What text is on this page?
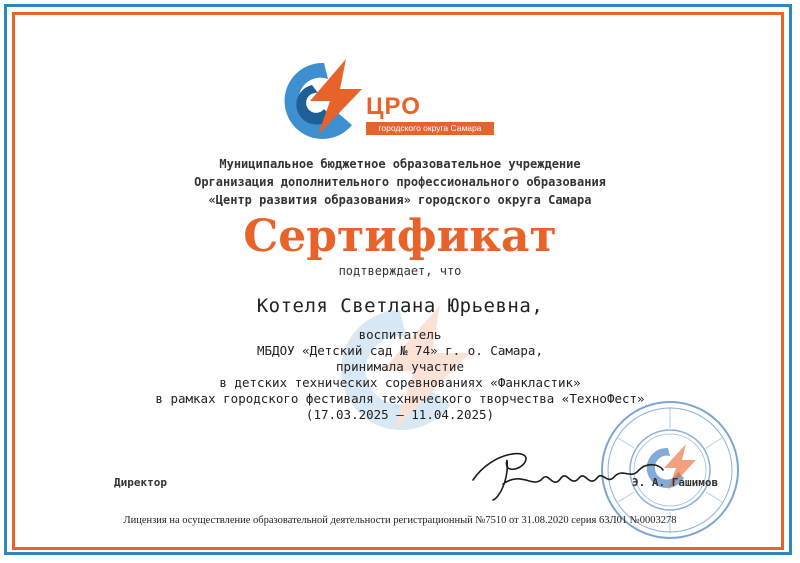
ЦРО
городского округа Самара
Муниципальное бюджетное образовательное учреждение
Организация дополнительного профессионального образования
«Центр развития образования» городского округа Самара
Сертификат
подтверждает, что
Котеля Светлана Юрьевна,
воспитатель
МБДОУ «Детский сад № 74» г. о. Самара,
принимала участие
в детских технических соревнованиях «Фанкластик»
в рамках городского фестиваля технического творчества «ТехноФест»
(17.03.2025 – 11.04.2025)
Директор	Э. А. Гашимов
Лицензия на осуществление образовательной деятельности регистрационный №7510 от 31.08.2020 серия 63Л01 №0003278
